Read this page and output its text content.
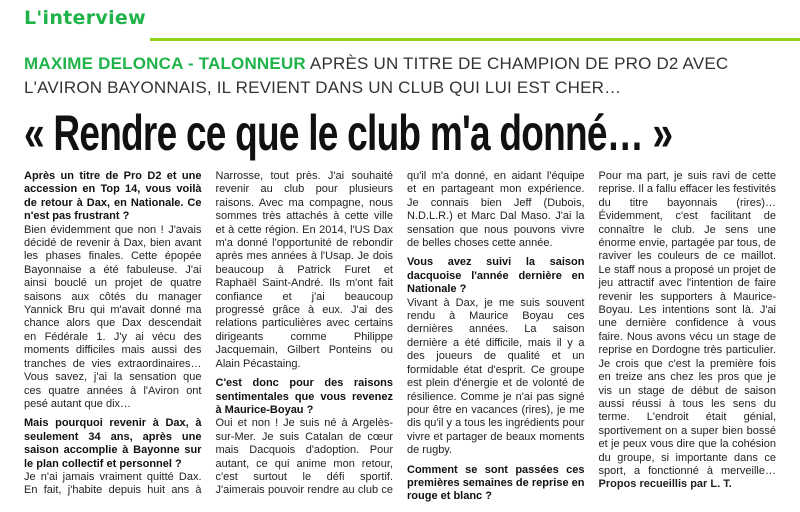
L'interview
MAXIME DELONCA - TALONNEUR APRÈS UN TITRE DE CHAMPION DE PRO D2 AVEC L'AVIRON BAYONNAIS, IL REVIENT DANS UN CLUB QUI LUI EST CHER…
« Rendre ce que le club m'a donné… »

Après un titre de Pro D2 et une accession en Top 14, vous voilà de retour à Dax, en Nationale. Ce n'est pas frustrant ?

Bien évidemment que non ! J'avais décidé de revenir à Dax, bien avant les phases finales. Cette épopée Bayonnaise a été fabuleuse. J'ai ainsi bouclé un projet de quatre saisons aux côtés du manager Yannick Bru qui m'avait donné ma chance alors que Dax descendait en Fédérale 1. J'y ai vécu des moments difficiles mais aussi des tranches de vies extraordinaires… Vous savez, j'ai la sensation que ces quatre années à l'Aviron ont pesé autant que dix…

Mais pourquoi revenir à Dax, à seulement 34 ans, après une saison accomplie à Bayonne sur le plan collectif et personnel ?

Je n'ai jamais vraiment quitté Dax. En fait, j'habite depuis huit ans à Narrosse, tout près. J'ai souhaité revenir au club pour plusieurs raisons. Avec ma compagne, nous sommes très attachés à cette ville et à cette région. En 2014, l'US Dax m'a donné l'opportunité de rebondir après mes années à l'Usap. Je dois beaucoup à Patrick Furet et Raphaël Saint-André. Ils m'ont fait confiance et j'ai beaucoup progressé grâce à eux. J'ai des relations particulières avec certains dirigeants comme Philippe Jacquemain, Gilbert Ponteins ou Alain Pécastaing.

C'est donc pour des raisons sentimentales que vous revenez à Maurice-Boyau ?

Oui et non ! Je suis né à Argelès-sur-Mer. Je suis Catalan de cœur mais Dacquois d'adoption. Pour autant, ce qui anime mon retour, c'est surtout le défi sportif. J'aimerais pouvoir rendre au club ce qu'il m'a donné, en aidant l'équipe et en partageant mon expérience. Je connais bien Jeff (Dubois, N.D.L.R.) et Marc Dal Maso. J'ai la sensation que nous pouvons vivre de belles choses cette année.

Vous avez suivi la saison dacquoise l'année dernière en Nationale ?

Vivant à Dax, je me suis souvent rendu à Maurice Boyau ces dernières années. La saison dernière a été difficile, mais il y a des joueurs de qualité et un formidable état d'esprit. Ce groupe est plein d'énergie et de volonté de résilience. Comme je n'ai pas signé pour être en vacances (rires), je me dis qu'il y a tous les ingrédients pour vivre et partager de beaux moments de rugby.

Comment se sont passées ces premières semaines de reprise en rouge et blanc ?

Pour ma part, je suis ravi de cette reprise. Il a fallu effacer les festivités du titre bayonnais (rires)… Évidemment, c'est facilitant de connaître le club. Je sens une énorme envie, partagée par tous, de raviver les couleurs de ce maillot. Le staff nous a proposé un projet de jeu attractif avec l'intention de faire revenir les supporters à Maurice-Boyau. Les intentions sont là. J'ai une dernière confidence à vous faire. Nous avons vécu un stage de reprise en Dordogne très particulier. Je crois que c'est la première fois en treize ans chez les pros que je vis un stage de début de saison aussi réussi à tous les sens du terme. L'endroit était génial, sportivement on a super bien bossé et je peux vous dire que la cohésion du groupe, si importante dans ce sport, a fonctionné à merveille… Propos recueillis par L. T.
